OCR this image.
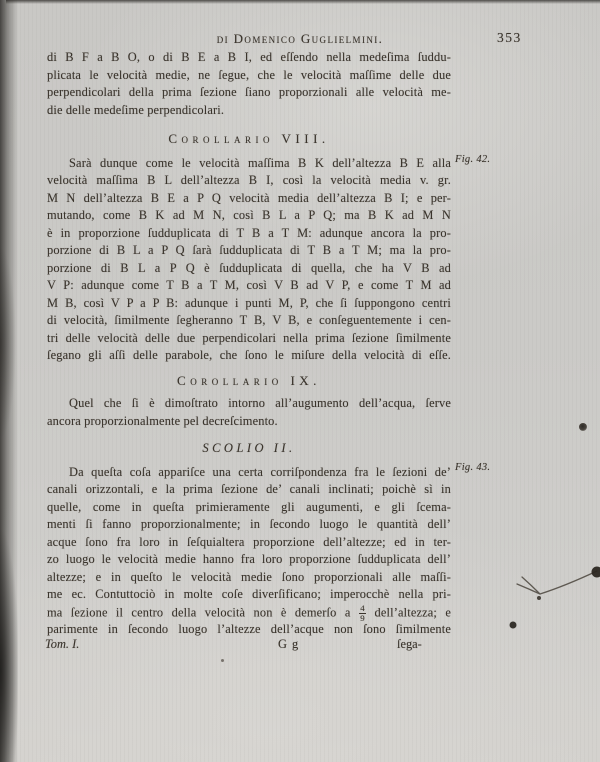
di Domenico Guglielmini.	353
Fig. 42.
Fig. 43.
di B F a B O, o di B E a B I, ed eſſendo nella medeſima ſuddu-
plicata le velocità medie, ne ſegue, che le velocità maſſime delle due
perpendicolari della prima ſezione ſiano proporzionali alle velocità me-
die delle medeſime perpendicolari.
Corollario VIII.
Sarà dunque come le velocità maſſima B K dell’altezza B E alla
velocità maſſima B L dell’altezza B I, così la velocità media v. gr.
M N dell’altezza B E a P Q velocità media dell’altezza B I; e per-
mutando, come B K ad M N, così B L a P Q; ma B K ad M N
è in proporzione ſudduplicata di T B a T M: adunque ancora la pro-
porzione di B L a P Q ſarà ſudduplicata di T B a T M; ma la pro-
porzione di B L a P Q è ſudduplicata di quella, che ha V B ad
V P: adunque come T B a T M, così V B ad V P, e come T M ad
M B, così V P a P B: adunque i punti M, P, che ſi ſuppongono centri
di velocità, ſimilmente ſegheranno T B, V B, e conſeguentemente i cen-
tri delle velocità delle due perpendicolari nella prima ſezione ſimilmente
ſegano gli aſſi delle parabole, che ſono le miſure della velocità di eſſe.
Corollario IX.
Quel che ſi è dimoſtrato intorno all’augumento dell’acqua, ſerve
ancora proporzionalmente pel decreſcimento.
SCOLIO II.
Da queſta coſa appariſce una certa corriſpondenza fra le ſezioni de’
canali orizzontali, e la prima ſezione de’ canali inclinati; poichè sì in
quelle, come in queſta primieramente gli augumenti, e gli ſcema-
menti ſi fanno proporzionalmente; in ſecondo luogo le quantità dell’
acque ſono fra loro in ſeſquialtera proporzione dell’altezze; ed in ter-
zo luogo le velocità medie hanno fra loro proporzione ſudduplicata dell’
altezze; e in queſto le velocità medie ſono proporzionali alle maſſi-
me ec. Contuttociò in molte coſe diverſificano; imperocchè nella pri-
ma ſezione il centro della velocità non è demerſo a $\frac{4}{9}$ dell’altezza; e
parimente in ſecondo luogo l’altezze dell’acque non ſono ſimilmente
Tom. I.	G g	ſega-
